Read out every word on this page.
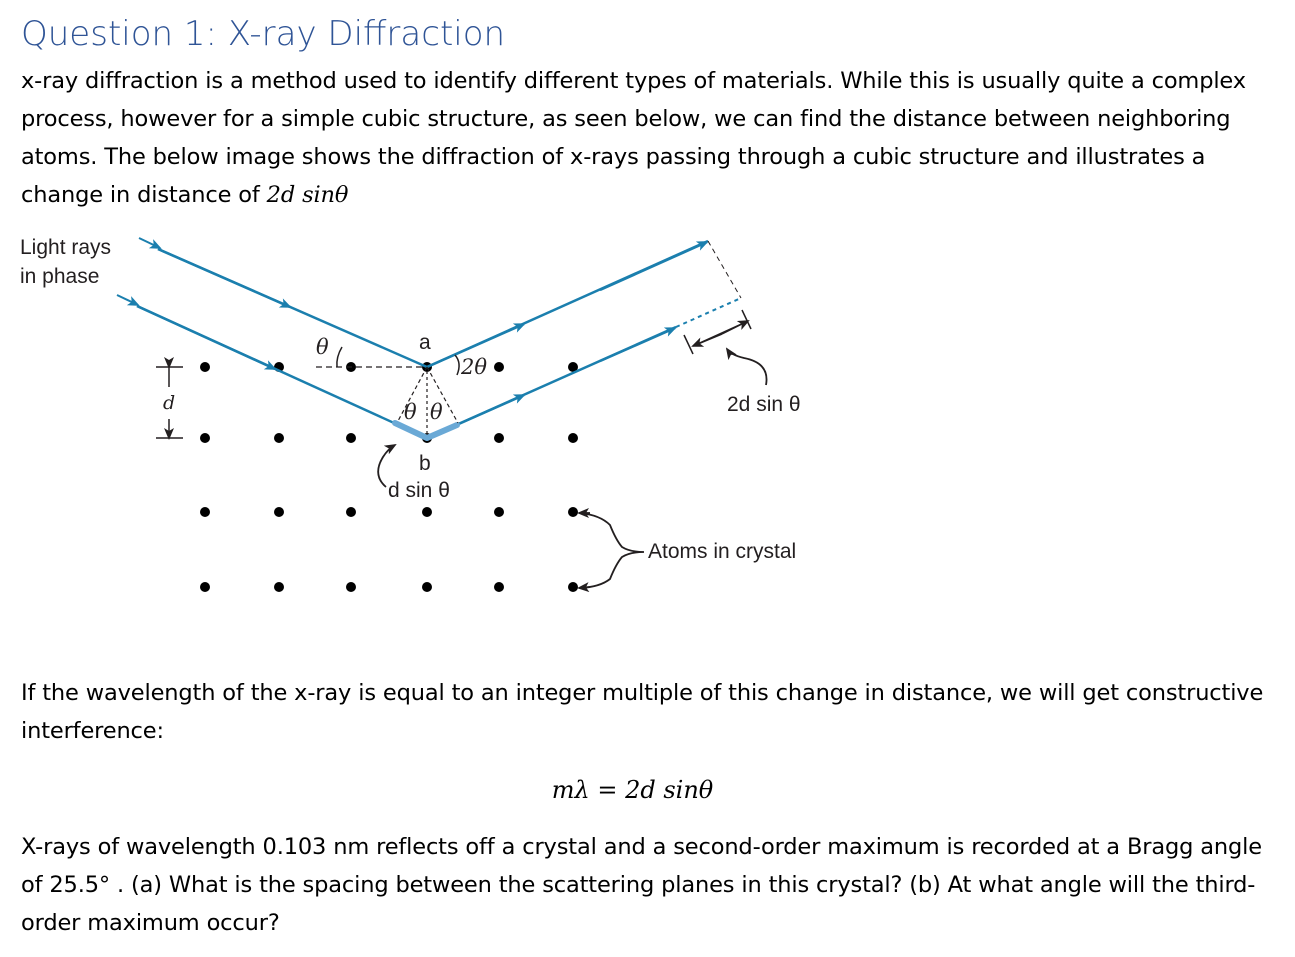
Question 1: X-ray Diffraction
x-ray diffraction is a method used to identify different types of materials. While this is usually quite a complex process, however for a simple cubic structure, as seen below, we can find the distance between neighboring atoms. The below image shows the diffraction of x-rays passing through a cubic structure and illustrates a change in distance of 2d sinθ
Light rays
in phase
θ
2θ
a
θ θ
b
d sin θ
d	2d sin θ
Atoms in crystal
If the wavelength of the x-ray is equal to an integer multiple of this change in distance, we will get constructive interference:
mλ = 2d sinθ
X-rays of wavelength 0.103 nm reflects off a crystal and a second-order maximum is recorded at a Bragg angle of 25.5° . (a) What is the spacing between the scattering planes in this crystal? (b) At what angle will the third-order maximum occur?
